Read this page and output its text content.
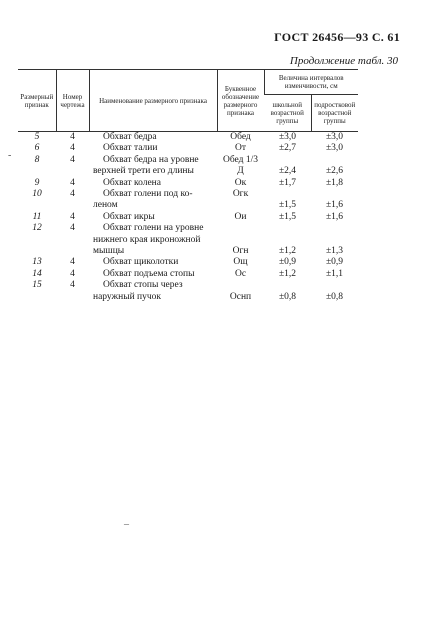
ГОСТ 26456—93 С. 61
Продолжение табл. 30
Размерный признак	Номер чертежа	Наименование размерного признака	Буквенное обозначение размерного признака	Величина интервалов изменчивости, см	
				школьной возрастной группы	подростковой возрастной группы
5	4	Обхват бедра	Обед	±3,0	±3,0
6	4	Обхват талии	От	±2,7	±3,0
8	4	Обхват бедра на уровне	Обед 1/3		
		верхней трети его длины	Д	±2,4	±2,6
9	4	Обхват колена	Ок	±1,7	±1,8
10	4	Обхват голени под ко-	Огк		
		леном		±1,5	±1,6
11	4	Обхват икры	Ои	±1,5	±1,6
12	4	Обхват голени на уровне			
		нижнего края икроножной			
		мышцы	Огн	±1,2	±1,3
13	4	Обхват щиколотки	Ощ	±0,9	±0,9
14	4	Обхват подъема стопы	Ос	±1,2	±1,1
15	4	Обхват стопы через			
		наружный пучок	Оснп	±0,8	±0,8
-
_
